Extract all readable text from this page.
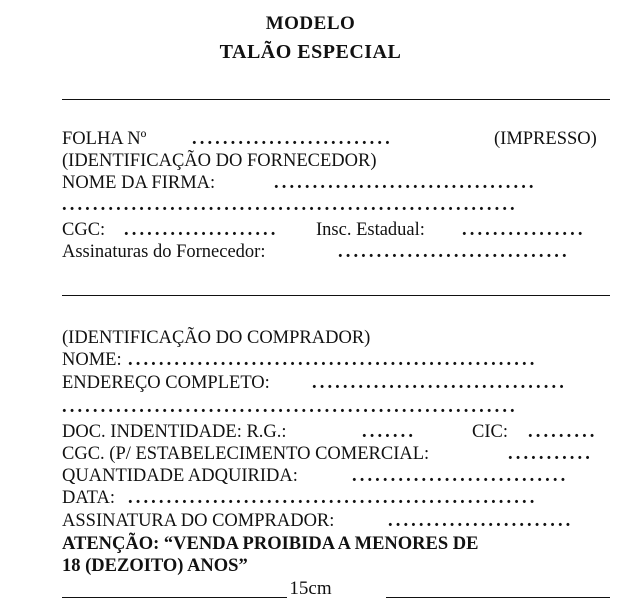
MODELO
TALÃO ESPECIAL
FOLHA Nº ..........................	(IMPRESSO)
(IDENTIFICAÇÃO DO FORNECEDOR)
NOME DA FIRMA:	..................................
...........................................................
CGC: ....................	Insc. Estadual: ................
Assinaturas do Fornecedor:	..............................
(IDENTIFICAÇÃO DO COMPRADOR)
NOME: .....................................................
ENDEREÇO COMPLETO: .................................
...........................................................
DOC. INDENTIDADE: R.G.:	.......	CIC: .........
CGC. (P/ ESTABELECIMENTO COMERCIAL:	...........
QUANTIDADE ADQUIRIDA:	............................
DATA: .....................................................
ASSINATURA DO COMPRADOR:	........................
ATENÇÃO: “VENDA PROIBIDA A MENORES DE
18 (DEZOITO) ANOS”
15cm
